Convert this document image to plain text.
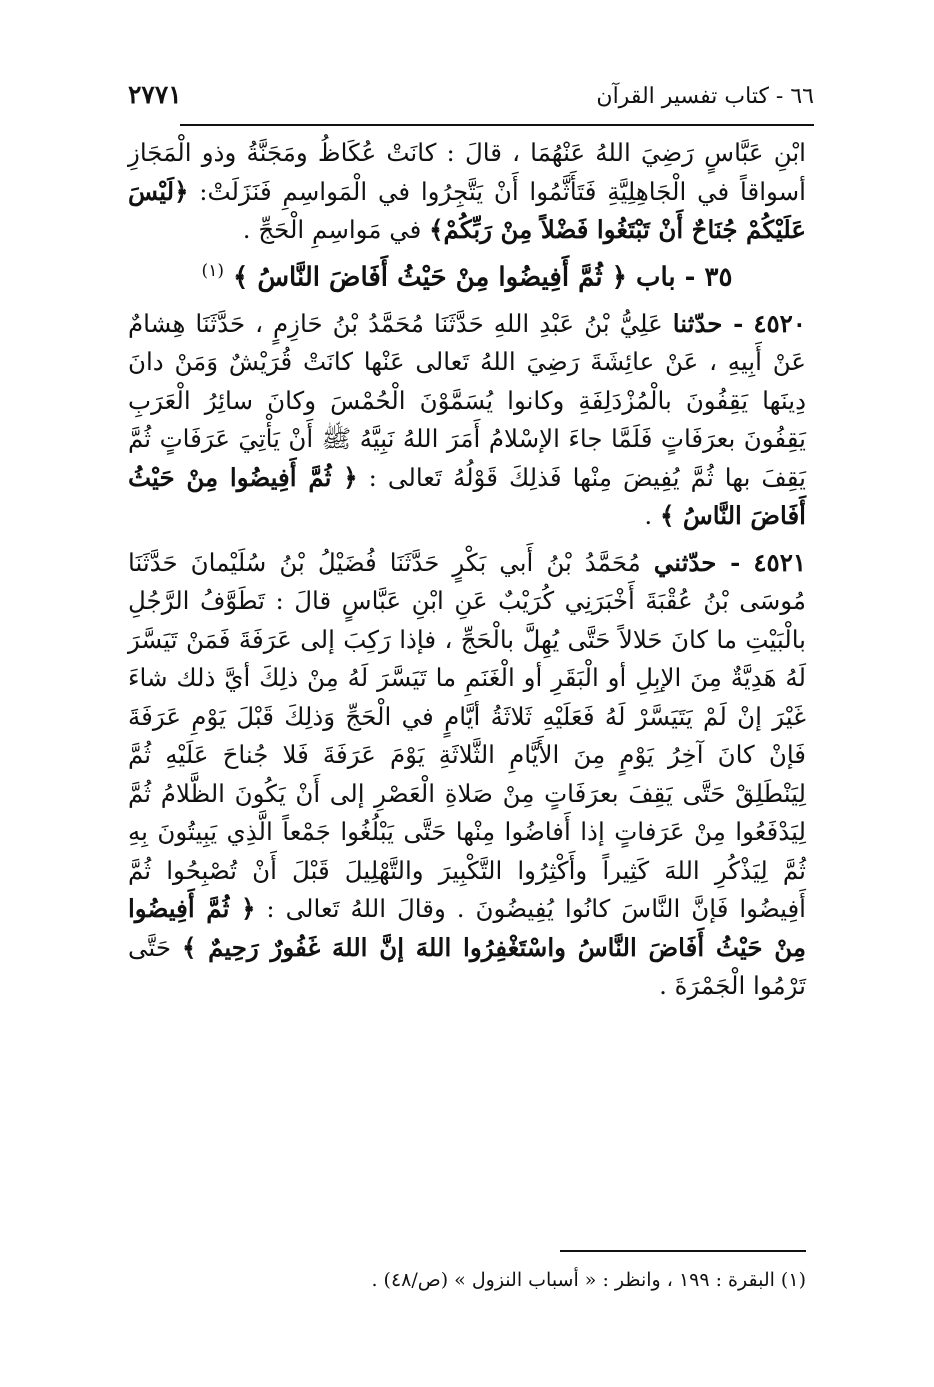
٦٦ - كتاب تفسير القرآن
٢٧٧١

ابْنِ عَبَّاسٍ رَضِيَ اللهُ عَنْهُمَا ، قالَ : كانَتْ عُكَاظُ ومَجَنَّةُ وذو الْمَجَازِ أسواقاً في الْجَاهِلِيَّةِ فَتَأَثَّمُوا أَنْ يَتَّجِرُوا في الْمَواسِمِ فَنَزَلَتْ: ﴿لَيْسَ عَلَيْكُمْ جُنَاحٌ أَنْ تَبْتَغُوا فَضْلاً مِنْ رَبِّكُمْ﴾ في مَواسِمِ الْحَجِّ .

٣٥ - باب ﴿ ثُمَّ أَفِيضُوا مِنْ حَيْثُ أَفَاضَ النَّاسُ ﴾ $^{(١)}$

٤٥٢٠ - حدّثنا عَلِيُّ بْنُ عَبْدِ اللهِ حَدَّثَنَا مُحَمَّدُ بْنُ حَازِمٍ ، حَدَّثَنَا هِشامٌ عَنْ أَبِيهِ ، عَنْ عائِشَةَ رَضِيَ اللهُ تَعالى عَنْها كانَتْ قُرَيْشٌ وَمَنْ دانَ دِينَها يَقِفُونَ بالْمُزْدَلِفَةِ وكانوا يُسَمَّوْنَ الْحُمْسَ وكانَ سائِرُ الْعَرَبِ يَقِفُونَ بعرَفَاتٍ فَلَمَّا جاءَ الإسْلامُ أَمَرَ اللهُ نَبِيَّهُ ﷺ أَنْ يَأْتِيَ عَرَفَاتٍ ثُمَّ يَقِفَ بها ثُمَّ يُفِيضَ مِنْها فَذلِكَ قَوْلُهُ تَعالى : ﴿ ثُمَّ أَفِيضُوا مِنْ حَيْثُ أَفَاضَ النَّاسُ ﴾ .

٤٥٢١ - حدّثني مُحَمَّدُ بْنُ أَبي بَكْرٍ حَدَّثَنَا فُضَيْلُ بْنُ سُلَيْمانَ حَدَّثَنَا مُوسَى بْنُ عُقْبَةَ أَخْبَرَنِي كُرَيْبٌ عَنِ ابْنِ عَبَّاسٍ قالَ : تَطَوَّفُ الرَّجُلِ بالْبَيْتِ ما كانَ حَلالاً حَتَّى يُهِلَّ بالْحَجِّ ، فإذا رَكِبَ إلى عَرَفَةَ فَمَنْ تَيَسَّرَ لَهُ هَدِيَّةٌ مِنَ الإبِلِ أو الْبَقَرِ أو الْغَنَمِ ما تَيَسَّرَ لَهُ مِنْ ذلِكَ أيَّ ذلك شاءَ غَيْرَ إنْ لَمْ يَتَيَسَّرْ لَهُ فَعَلَيْهِ ثَلاثَةُ أيَّامٍ في الْحَجِّ وَذلِكَ قَبْلَ يَوْمِ عَرَفَةَ فَإنْ كانَ آخِرُ يَوْمٍ مِنَ الأَيَّامِ الثَّلاثَةِ يَوْمَ عَرَفَةَ فَلا جُناحَ عَلَيْهِ ثُمَّ لِيَنْطَلِقْ حَتَّى يَقِفَ بعرَفَاتٍ مِنْ صَلاةِ الْعَصْرِ إلى أَنْ يَكُونَ الظَّلامُ ثُمَّ لِيَدْفَعُوا مِنْ عَرَفاتٍ إذا أَفاضُوا مِنْها حَتَّى يَبْلُغُوا جَمْعاً الَّذِي يَبِيتُونَ بِهِ ثُمَّ لِيَذْكُرِ اللهَ كَثِيراً وأَكْثِرُوا التَّكْبِيرَ والتَّهْلِيلَ قَبْلَ أَنْ تُصْبِحُوا ثُمَّ أَفِيضُوا فَإنَّ النَّاسَ كانُوا يُفِيضُونَ . وقالَ اللهُ تَعالى : ﴿ ثُمَّ أَفِيضُوا مِنْ حَيْثُ أَفَاضَ النَّاسُ واسْتَغْفِرُوا اللهَ إنَّ اللهَ غَفُورٌ رَحِيمٌ ﴾ حَتَّى تَرْمُوا الْجَمْرَةَ .

(١) البقرة : ١٩٩ ، وانظر : « أسباب النزول » (ص/٤٨) .
